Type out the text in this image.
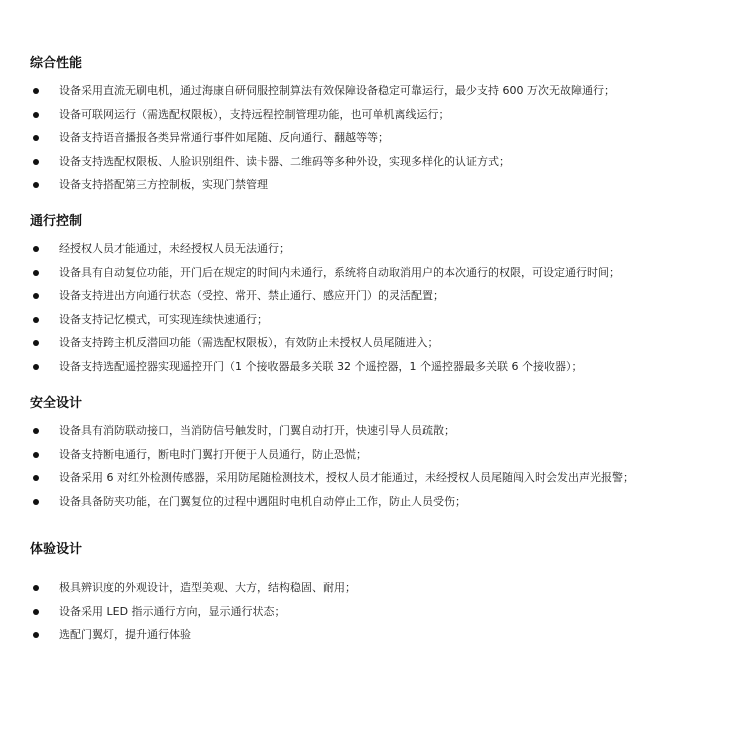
综合性能
设备采用直流无刷电机，通过海康自研伺服控制算法有效保障设备稳定可靠运行，最少支持 600 万次无故障通行；
设备可联网运行（需选配权限板），支持远程控制管理功能，也可单机离线运行；
设备支持语音播报各类异常通行事件如尾随、反向通行、翻越等等；
设备支持选配权限板、人脸识别组件、读卡器、二维码等多种外设，实现多样化的认证方式；
设备支持搭配第三方控制板，实现门禁管理
通行控制
经授权人员才能通过，未经授权人员无法通行；
设备具有自动复位功能，开门后在规定的时间内未通行，系统将自动取消用户的本次通行的权限，可设定通行时间；
设备支持进出方向通行状态（受控、常开、禁止通行、感应开门）的灵活配置；
设备支持记忆模式，可实现连续快速通行；
设备支持跨主机反潜回功能（需选配权限板），有效防止未授权人员尾随进入；
设备支持选配遥控器实现遥控开门（1 个接收器最多关联 32 个遥控器，1 个遥控器最多关联 6 个接收器）；
安全设计
设备具有消防联动接口，当消防信号触发时，门翼自动打开，快速引导人员疏散；
设备支持断电通行，断电时门翼打开便于人员通行，防止恐慌；
设备采用 6 对红外检测传感器，采用防尾随检测技术，授权人员才能通过，未经授权人员尾随闯入时会发出声光报警；
设备具备防夹功能，在门翼复位的过程中遇阻时电机自动停止工作，防止人员受伤；
体验设计
极具辨识度的外观设计，造型美观、大方，结构稳固、耐用；
设备采用 LED 指示通行方向，显示通行状态；
选配门翼灯，提升通行体验
